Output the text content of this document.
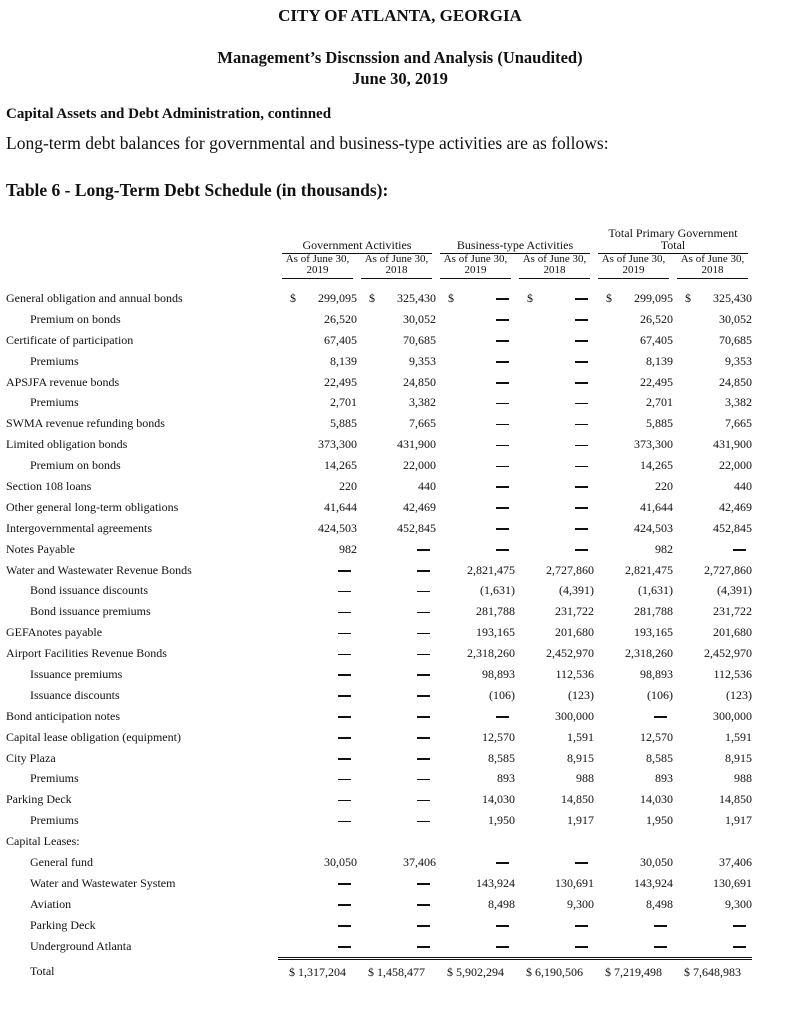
CITY OF ATLANTA, GEORGIA
Management’s Discnssion and Analysis (Unaudited)
June 30, 2019
Capital Assets and Debt Administration, continned
Long-term debt balances for governmental and business-type activities are as follows:
Table 6 - Long-Term Debt Schedule (in thousands):

	Government Activities		Business-type Activities		Total Primary Government Total	

	As of June 30, 2019	As of June 30, 2018	As of June 30, 2019	As of June 30, 2018	As of June 30, 2019	As of June 30, 2018

General obligation and annual bonds	$ 299,095	$ 325,430	$	$	$ 299,095	$ 325,430
Premium on bonds	26,520	30,052			26,520	30,052
Certificate of participation	67,405	70,685			67,405	70,685
Premiums	8,139	9,353			8,139	9,353
APSJFA revenue bonds	22,495	24,850			22,495	24,850
Premiums	2,701	3,382			2,701	3,382
SWMA revenue refunding bonds	5,885	7,665			5,885	7,665
Limited obligation bonds	373,300	431,900			373,300	431,900
Premium on bonds	14,265	22,000			14,265	22,000
Section 108 loans	220	440			220	440
Other general long-term obligations	41,644	42,469			41,644	42,469
Intergovernmental agreements	424,503	452,845			424,503	452,845
Notes Payable	982				982	
Water and Wastewater Revenue Bonds			2,821,475	2,727,860	2,821,475	2,727,860
Bond issuance discounts			(1,631)	(4,391)	(1,631)	(4,391)
Bond issuance premiums			281,788	231,722	281,788	231,722
GEFAnotes payable			193,165	201,680	193,165	201,680
Airport Facilities Revenue Bonds			2,318,260	2,452,970	2,318,260	2,452,970
Issuance premiums			98,893	112,536	98,893	112,536
Issuance discounts			(106)	(123)	(106)	(123)
Bond anticipation notes				300,000		300,000
Capital lease obligation (equipment)			12,570	1,591	12,570	1,591
City Plaza			8,585	8,915	8,585	8,915
Premiums			893	988	893	988
Parking Deck			14,030	14,850	14,030	14,850
Premiums			1,950	1,917	1,950	1,917
Capital Leases:						
General fund	30,050	37,406			30,050	37,406
Water and Wastewater System			143,924	130,691	143,924	130,691
Aviation			8,498	9,300	8,498	9,300
Parking Deck						
Underground Atlanta						
Total	$ 1,317,204	$ 1,458,477	$ 5,902,294	$ 6,190,506	$ 7,219,498	$ 7,648,983
